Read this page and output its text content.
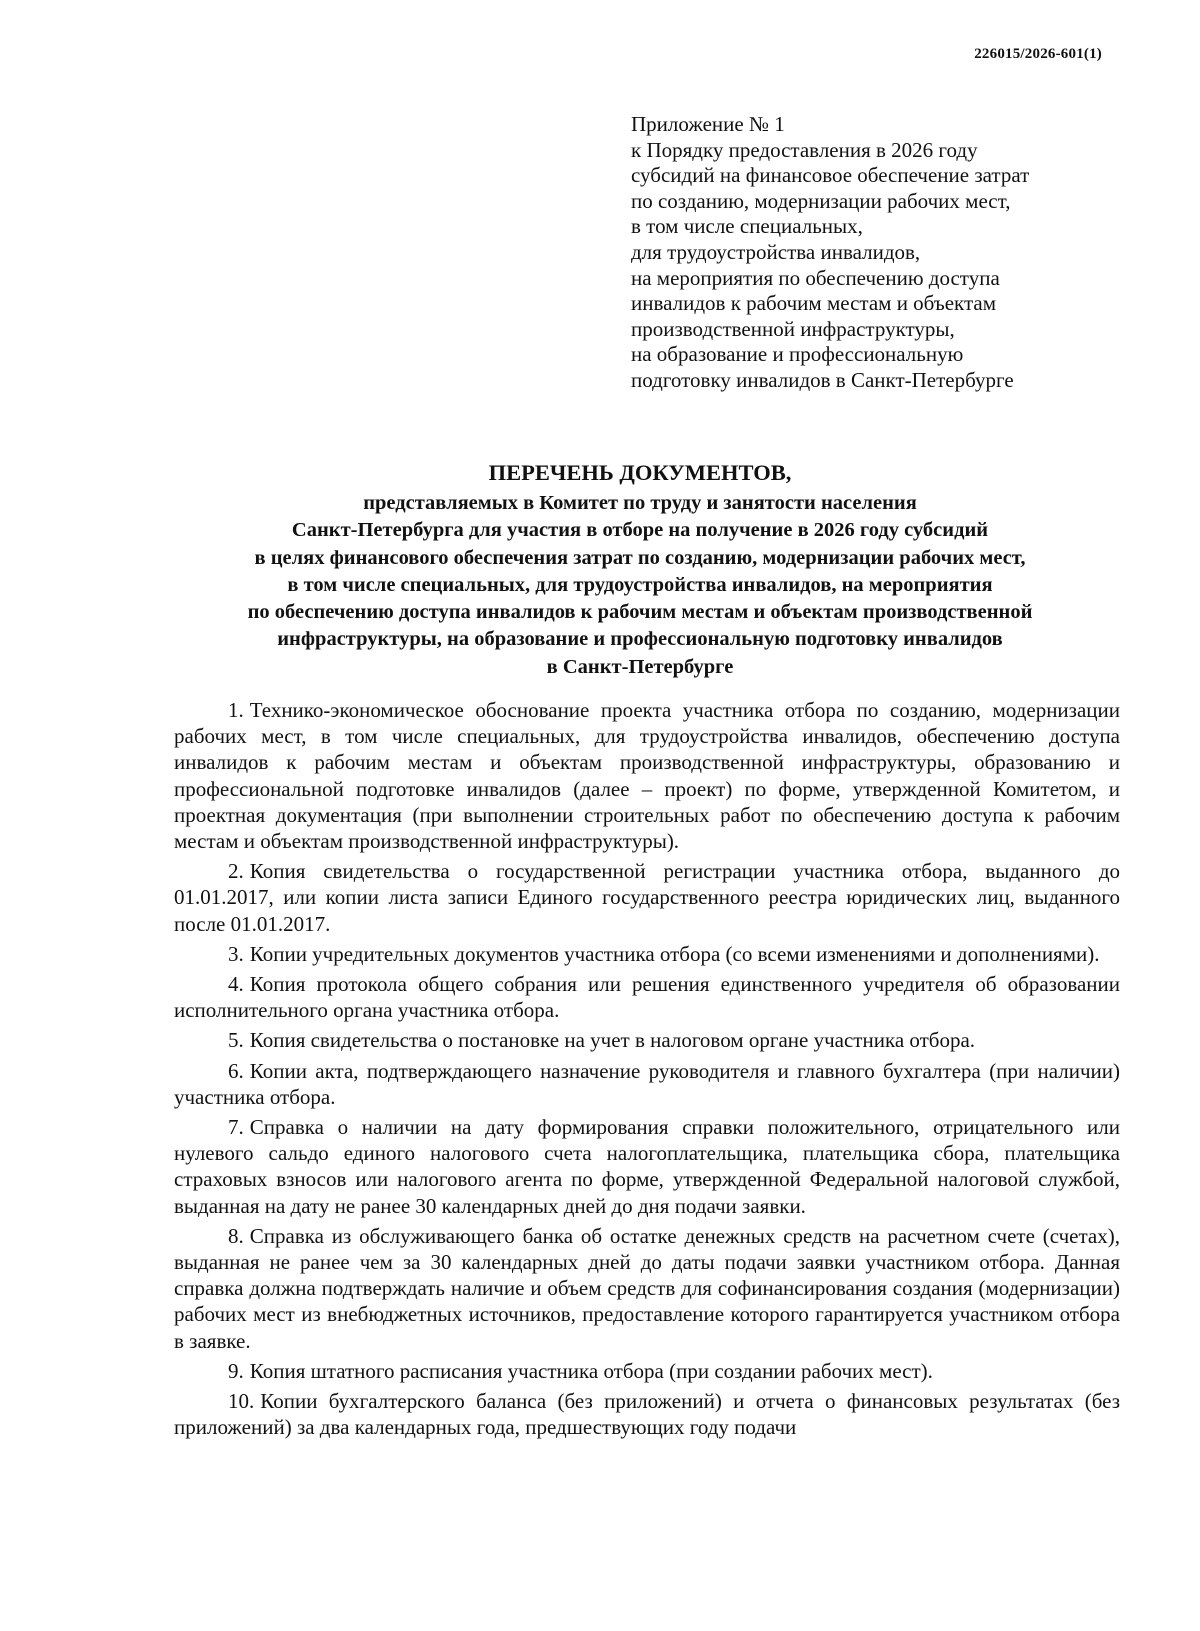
226015/2026-601(1)
Приложение № 1
к Порядку предоставления в 2026 году
субсидий на финансовое обеспечение затрат
по созданию, модернизации рабочих мест,
в том числе специальных,
для трудоустройства инвалидов,
на мероприятия по обеспечению доступа
инвалидов к рабочим местам и объектам
производственной инфраструктуры,
на образование и профессиональную
подготовку инвалидов в Санкт-Петербурге
ПЕРЕЧЕНЬ ДОКУМЕНТОВ,
представляемых в Комитет по труду и занятости населения
Санкт-Петербурга для участия в отборе на получение в 2026 году субсидий
в целях финансового обеспечения затрат по созданию, модернизации рабочих мест,
в том числе специальных, для трудоустройства инвалидов, на мероприятия
по обеспечению доступа инвалидов к рабочим местам и объектам производственной
инфраструктуры, на образование и профессиональную подготовку инвалидов
в Санкт-Петербурге

1. Технико-экономическое обоснование проекта участника отбора по созданию, модернизации рабочих мест, в том числе специальных, для трудоустройства инвалидов, обеспечению доступа инвалидов к рабочим местам и объектам производственной инфраструктуры, образованию и профессиональной подготовке инвалидов (далее – проект) по форме, утвержденной Комитетом, и проектная документация (при выполнении строительных работ по обеспечению доступа к рабочим местам и объектам производственной инфраструктуры).

2. Копия свидетельства о государственной регистрации участника отбора, выданного до 01.01.2017, или копии листа записи Единого государственного реестра юридических лиц, выданного после 01.01.2017.

3. Копии учредительных документов участника отбора (со всеми изменениями и дополнениями).

4. Копия протокола общего собрания или решения единственного учредителя об образовании исполнительного органа участника отбора.

5. Копия свидетельства о постановке на учет в налоговом органе участника отбора.

6. Копии акта, подтверждающего назначение руководителя и главного бухгалтера (при наличии) участника отбора.

7. Справка о наличии на дату формирования справки положительного, отрицательного или нулевого сальдо единого налогового счета налогоплательщика, плательщика сбора, плательщика страховых взносов или налогового агента по форме, утвержденной Федеральной налоговой службой, выданная на дату не ранее 30 календарных дней до дня подачи заявки.

8. Справка из обслуживающего банка об остатке денежных средств на расчетном счете (счетах), выданная не ранее чем за 30 календарных дней до даты подачи заявки участником отбора. Данная справка должна подтверждать наличие и объем средств для софинансирования создания (модернизации) рабочих мест из внебюджетных источников, предоставление которого гарантируется участником отбора в заявке.

9. Копия штатного расписания участника отбора (при создании рабочих мест).

10. Копии бухгалтерского баланса (без приложений) и отчета о финансовых результатах (без приложений) за два календарных года, предшествующих году подачи
